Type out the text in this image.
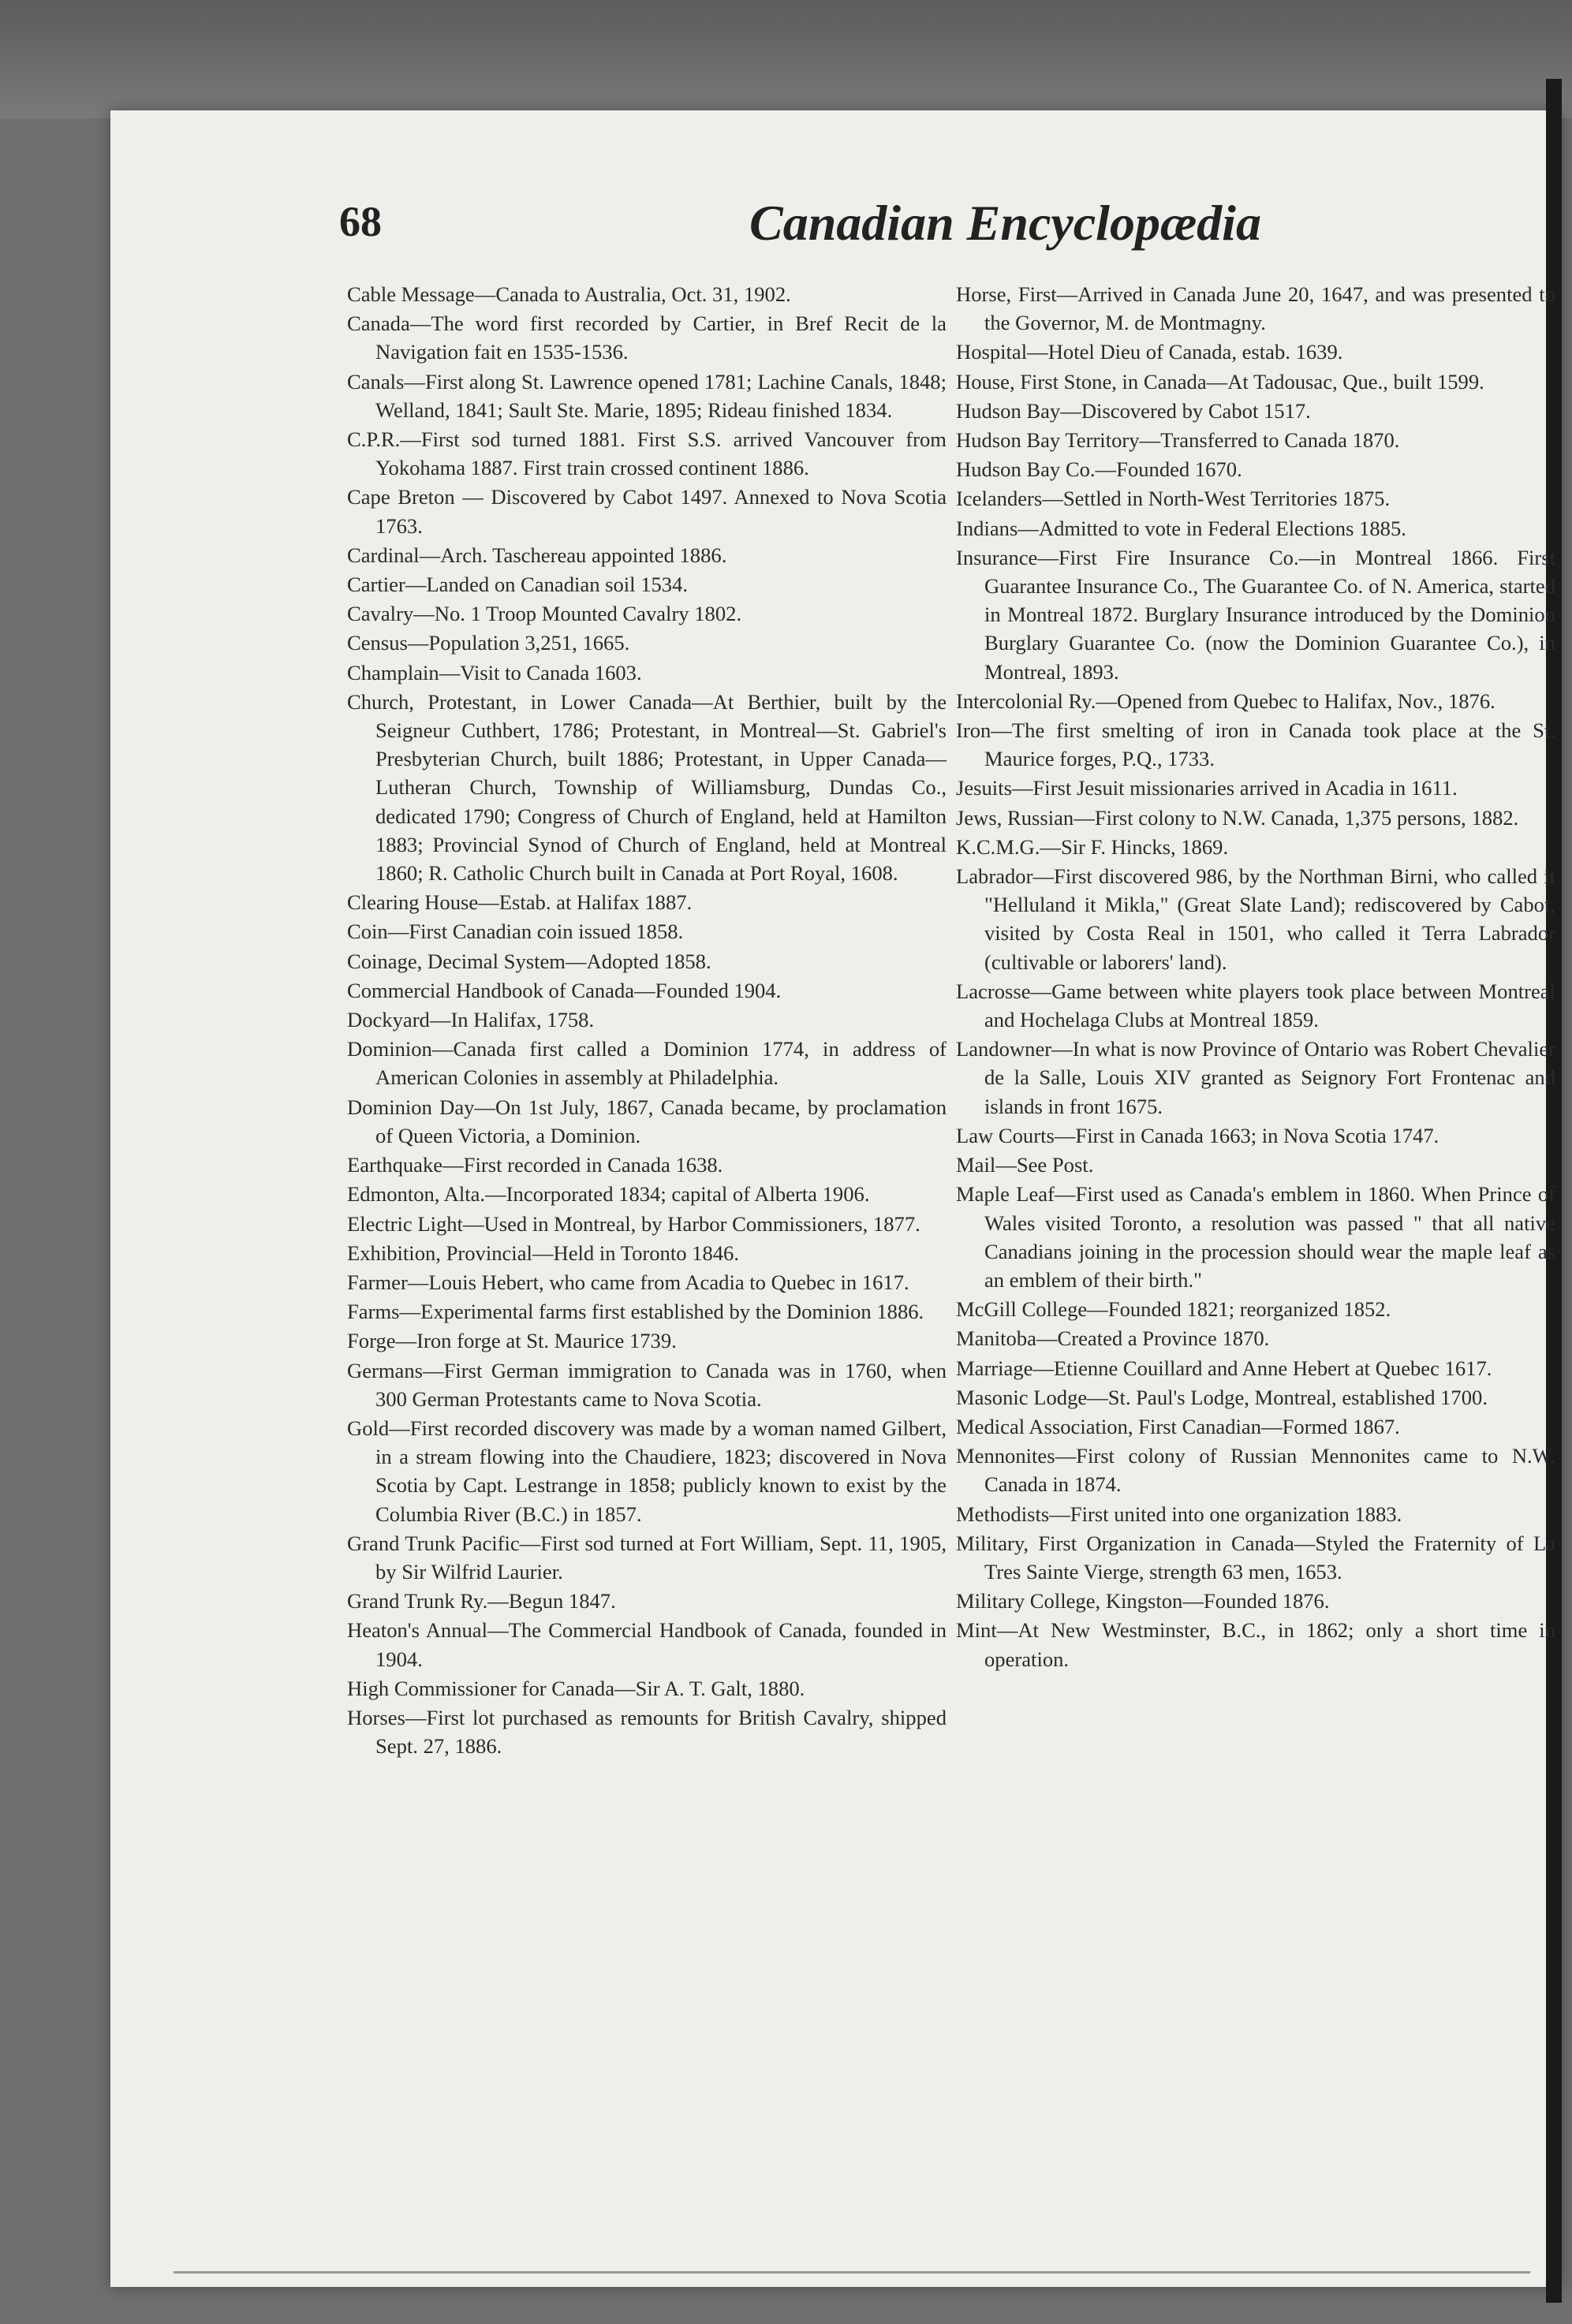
68	Canadian Encyclopædia

Cable Message—Canada to Australia, Oct. 31, 1902.

Canada—The word first recorded by Cartier, in Bref Recit de la Navigation fait en 1535-1536.

Canals—First along St. Lawrence opened 1781; Lachine Canals, 1848; Welland, 1841; Sault Ste. Marie, 1895; Rideau finished 1834.

C.P.R.—First sod turned 1881. First S.S. arrived Vancouver from Yokohama 1887. First train crossed continent 1886.

Cape Breton — Discovered by Cabot 1497. Annexed to Nova Scotia 1763.

Cardinal—Arch. Taschereau appointed 1886.

Cartier—Landed on Canadian soil 1534.

Cavalry—No. 1 Troop Mounted Cavalry 1802.

Census—Population 3,251, 1665.

Champlain—Visit to Canada 1603.

Church, Protestant, in Lower Canada—At Berthier, built by the Seigneur Cuthbert, 1786; Protestant, in Montreal—St. Gabriel's Presbyterian Church, built 1886; Protestant, in Upper Canada—Lutheran Church, Township of Williamsburg, Dundas Co., dedicated 1790; Congress of Church of England, held at Hamilton 1883; Provincial Synod of Church of England, held at Montreal 1860; R. Catholic Church built in Canada at Port Royal, 1608.

Clearing House—Estab. at Halifax 1887.

Coin—First Canadian coin issued 1858.

Coinage, Decimal System—Adopted 1858.

Commercial Handbook of Canada—Founded 1904.

Dockyard—In Halifax, 1758.

Dominion—Canada first called a Dominion 1774, in address of American Colonies in assembly at Philadelphia.

Dominion Day—On 1st July, 1867, Canada became, by proclamation of Queen Victoria, a Dominion.

Earthquake—First recorded in Canada 1638.

Edmonton, Alta.—Incorporated 1834; capital of Alberta 1906.

Electric Light—Used in Montreal, by Harbor Commissioners, 1877.

Exhibition, Provincial—Held in Toronto 1846.

Farmer—Louis Hebert, who came from Acadia to Quebec in 1617.

Farms—Experimental farms first established by the Dominion 1886.

Forge—Iron forge at St. Maurice 1739.

Germans—First German immigration to Canada was in 1760, when 300 German Protestants came to Nova Scotia.

Gold—First recorded discovery was made by a woman named Gilbert, in a stream flowing into the Chaudiere, 1823; discovered in Nova Scotia by Capt. Lestrange in 1858; publicly known to exist by the Columbia River (B.C.) in 1857.

Grand Trunk Pacific—First sod turned at Fort William, Sept. 11, 1905, by Sir Wilfrid Laurier.

Grand Trunk Ry.—Begun 1847.

Heaton's Annual—The Commercial Handbook of Canada, founded in 1904.

High Commissioner for Canada—Sir A. T. Galt, 1880.

Horses—First lot purchased as remounts for British Cavalry, shipped Sept. 27, 1886.

Horse, First—Arrived in Canada June 20, 1647, and was presented to the Governor, M. de Montmagny.

Hospital—Hotel Dieu of Canada, estab. 1639.

House, First Stone, in Canada—At Tadousac, Que., built 1599.

Hudson Bay—Discovered by Cabot 1517.

Hudson Bay Territory—Transferred to Canada 1870.

Hudson Bay Co.—Founded 1670.

Icelanders—Settled in North-West Territories 1875.

Indians—Admitted to vote in Federal Elections 1885.

Insurance—First Fire Insurance Co.—in Montreal 1866. First Guarantee Insurance Co., The Guarantee Co. of N. America, started in Montreal 1872. Burglary Insurance introduced by the Dominion Burglary Guarantee Co. (now the Dominion Guarantee Co.), in Montreal, 1893.

Intercolonial Ry.—Opened from Quebec to Halifax, Nov., 1876.

Iron—The first smelting of iron in Canada took place at the St. Maurice forges, P.Q., 1733.

Jesuits—First Jesuit missionaries arrived in Acadia in 1611.

Jews, Russian—First colony to N.W. Canada, 1,375 persons, 1882.

K.C.M.G.—Sir F. Hincks, 1869.

Labrador—First discovered 986, by the Northman Birni, who called it "Helluland it Mikla," (Great Slate Land); rediscovered by Cabot, visited by Costa Real in 1501, who called it Terra Labrador (cultivable or laborers' land).

Lacrosse—Game between white players took place between Montreal and Hochelaga Clubs at Montreal 1859.

Landowner—In what is now Province of Ontario was Robert Chevalier de la Salle, Louis XIV granted as Seignory Fort Frontenac and islands in front 1675.

Law Courts—First in Canada 1663; in Nova Scotia 1747.

Mail—See Post.

Maple Leaf—First used as Canada's emblem in 1860. When Prince of Wales visited Toronto, a resolution was passed " that all native Canadians joining in the procession should wear the maple leaf as an emblem of their birth."

McGill College—Founded 1821; reorganized 1852.

Manitoba—Created a Province 1870.

Marriage—Etienne Couillard and Anne Hebert at Quebec 1617.

Masonic Lodge—St. Paul's Lodge, Montreal, established 1700.

Medical Association, First Canadian—Formed 1867.

Mennonites—First colony of Russian Mennonites came to N.W. Canada in 1874.

Methodists—First united into one organization 1883.

Military, First Organization in Canada—Styled the Fraternity of La Tres Sainte Vierge, strength 63 men, 1653.

Military College, Kingston—Founded 1876.

Mint—At New Westminster, B.C., in 1862; only a short time in operation.
